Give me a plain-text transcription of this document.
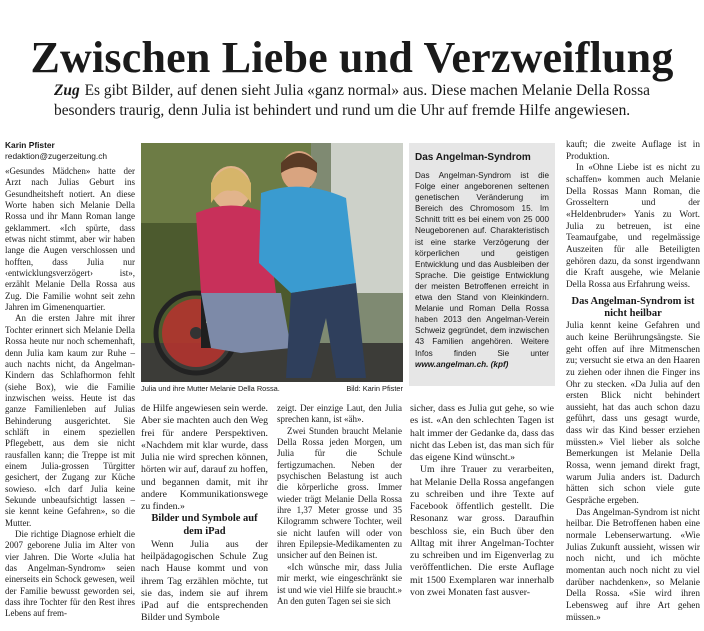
Zwischen Liebe und Verzweiflung

Zug Es gibt Bilder, auf denen sieht Julia «ganz normal» aus. Diese machen Melanie Della Rossa besonders traurig, denn Julia ist behindert und rund um die Uhr auf fremde Hilfe angewiesen.

Karin Pfister
redaktion@zugerzeitung.ch

«Gesundes Mädchen» hatte der Arzt nach Julias Geburt ins Gesundheitsheft notiert. An diese Worte haben sich Melanie Della Rossa und ihr Mann Roman lange geklammert. «Ich spürte, dass etwas nicht stimmt, aber wir haben lange die Augen verschlossen und hofften, dass Julia nur ‹entwicklungsverzögert› ist», erzählt Melanie Della Rossa aus Zug. Die Familie wohnt seit zehn Jahren im Gimenenquartier.

An die ersten Jahre mit ihrer Tochter erinnert sich Melanie Della Rossa heute nur noch schemenhaft, denn Julia kam kaum zur Ruhe – auch nachts nicht, da Angelman-Kindern das Schlafhormon fehlt (siehe Box), wie die Familie inzwischen weiss. Heute ist das ganze Familienleben auf Julias Behinderung ausgerichtet. Sie schläft in einem speziellen Pflegebett, aus dem sie nicht rausfallen kann; die Treppe ist mit einem Julia-grossen Türgitter gesichert, der Zugang zur Küche sowieso. «Ich darf Julia keine Sekunde unbeaufsichtigt lassen – sie kennt keine Gefahren», so die Mutter.

Die richtige Diagnose erhielt die 2007 geborene Julia im Alter von vier Jahren. Die Worte «Julia hat das Angelman-Syndrom» seien einerseits ein Schock gewesen, weil der Familie bewusst geworden sei, dass ihre Tochter für den Rest ihres Lebens auf frem-

Julia und ihre Mutter Melanie Della Rossa.	Bild: Karin Pfister
Das Angelman-Syndrom
Das Angelman-Syndrom ist die Folge einer angeborenen seltenen genetischen Veränderung im Bereich des Chromosom 15. Im Schnitt tritt es bei einem von 25 000 Neugeborenen auf. Charakteristisch ist eine starke Verzögerung der körperlichen und geistigen Entwicklung und das Ausbleiben der Sprache. Die geistige Entwicklung der meisten Betroffenen erreicht in etwa den Stand von Kleinkindern. Melanie und Roman Della Rossa haben 2013 den Angelman-Verein Schweiz gegründet, dem inzwischen 43 Familien angehören. Weitere Infos finden Sie unter www.angelman.ch. (kpf)

de Hilfe angewiesen sein werde. Aber sie machten auch den Weg frei für andere Perspektiven. «Nachdem mit klar wurde, dass Julia nie wird sprechen können, hörten wir auf, darauf zu hoffen, und begannen damit, mit ihr andere Kommunikationswege zu finden.»

Bilder und Symbole auf dem iPad

Wenn Julia aus der heilpädagogischen Schule Zug nach Hause kommt und von ihrem Tag erzählen möchte, tut sie das, indem sie auf ihrem iPad auf die entsprechenden Bilder und Symbole

zeigt. Der einzige Laut, den Julia sprechen kann, ist «äh».

Zwei Stunden braucht Melanie Della Rossa jeden Morgen, um Julia für die Schule fertigzumachen. Neben der psychischen Belastung ist auch die körperliche gross. Immer wieder trägt Melanie Della Rossa ihre 1,37 Meter grosse und 35 Kilogramm schwere Tochter, weil sie nicht laufen will oder von ihren Epilepsie-Medikamenten zu unsicher auf den Beinen ist.

«Ich wünsche mir, dass Julia mir merkt, wie eingeschränkt sie ist und wie viel Hilfe sie braucht.» An den guten Tagen sei sie sich

sicher, dass es Julia gut gehe, so wie es ist. «An den schlechten Tagen ist halt immer der Gedanke da, dass das nicht das Leben ist, das man sich für das eigene Kind wünscht.»

Um ihre Trauer zu verarbeiten, hat Melanie Della Rossa angefangen zu schreiben und ihre Texte auf Facebook öffentlich gestellt. Die Resonanz war gross. Daraufhin beschloss sie, ein Buch über den Alltag mit ihrer Angelman-Tochter zu schreiben und im Eigenverlag zu veröffentlichen. Die erste Auflage mit 1500 Exemplaren war innerhalb von zwei Monaten fast ausver-

kauft; die zweite Auflage ist in Produktion.

In «Ohne Liebe ist es nicht zu schaffen» kommen auch Melanie Della Rossas Mann Roman, die Grosseltern und der «Heldenbruder» Yanis zu Wort. Julia zu betreuen, ist eine Teamaufgabe, und regelmässige Auszeiten für alle Beteiligten gehören dazu, da sonst irgendwann die Kraft ausgehe, wie Melanie Della Rossa aus Erfahrung weiss.

Das Angelman-Syndrom ist nicht heilbar

Julia kennt keine Gefahren und auch keine Berührungsängste. Sie geht offen auf ihre Mitmenschen zu; versucht sie etwa an den Haaren zu ziehen oder ihnen die Finger ins Ohr zu stecken. «Da Julia auf den ersten Blick nicht behindert aussieht, hat das auch schon dazu geführt, dass uns gesagt wurde, dass wir das Kind besser erziehen müssten.» Viel lieber als solche Bemerkungen ist Melanie Della Rossa, wenn jemand direkt fragt, warum Julia anders ist. Dadurch hätten sich schon viele gute Gespräche ergeben.

Das Angelman-Syndrom ist nicht heilbar. Die Betroffenen haben eine normale Lebenserwartung. «Wie Julias Zukunft aussieht, wissen wir noch nicht, und ich möchte momentan auch noch nicht zu viel darüber nachdenken», so Melanie Della Rossa. «Sie wird ihren Lebensweg auf ihre Art gehen müssen.»
